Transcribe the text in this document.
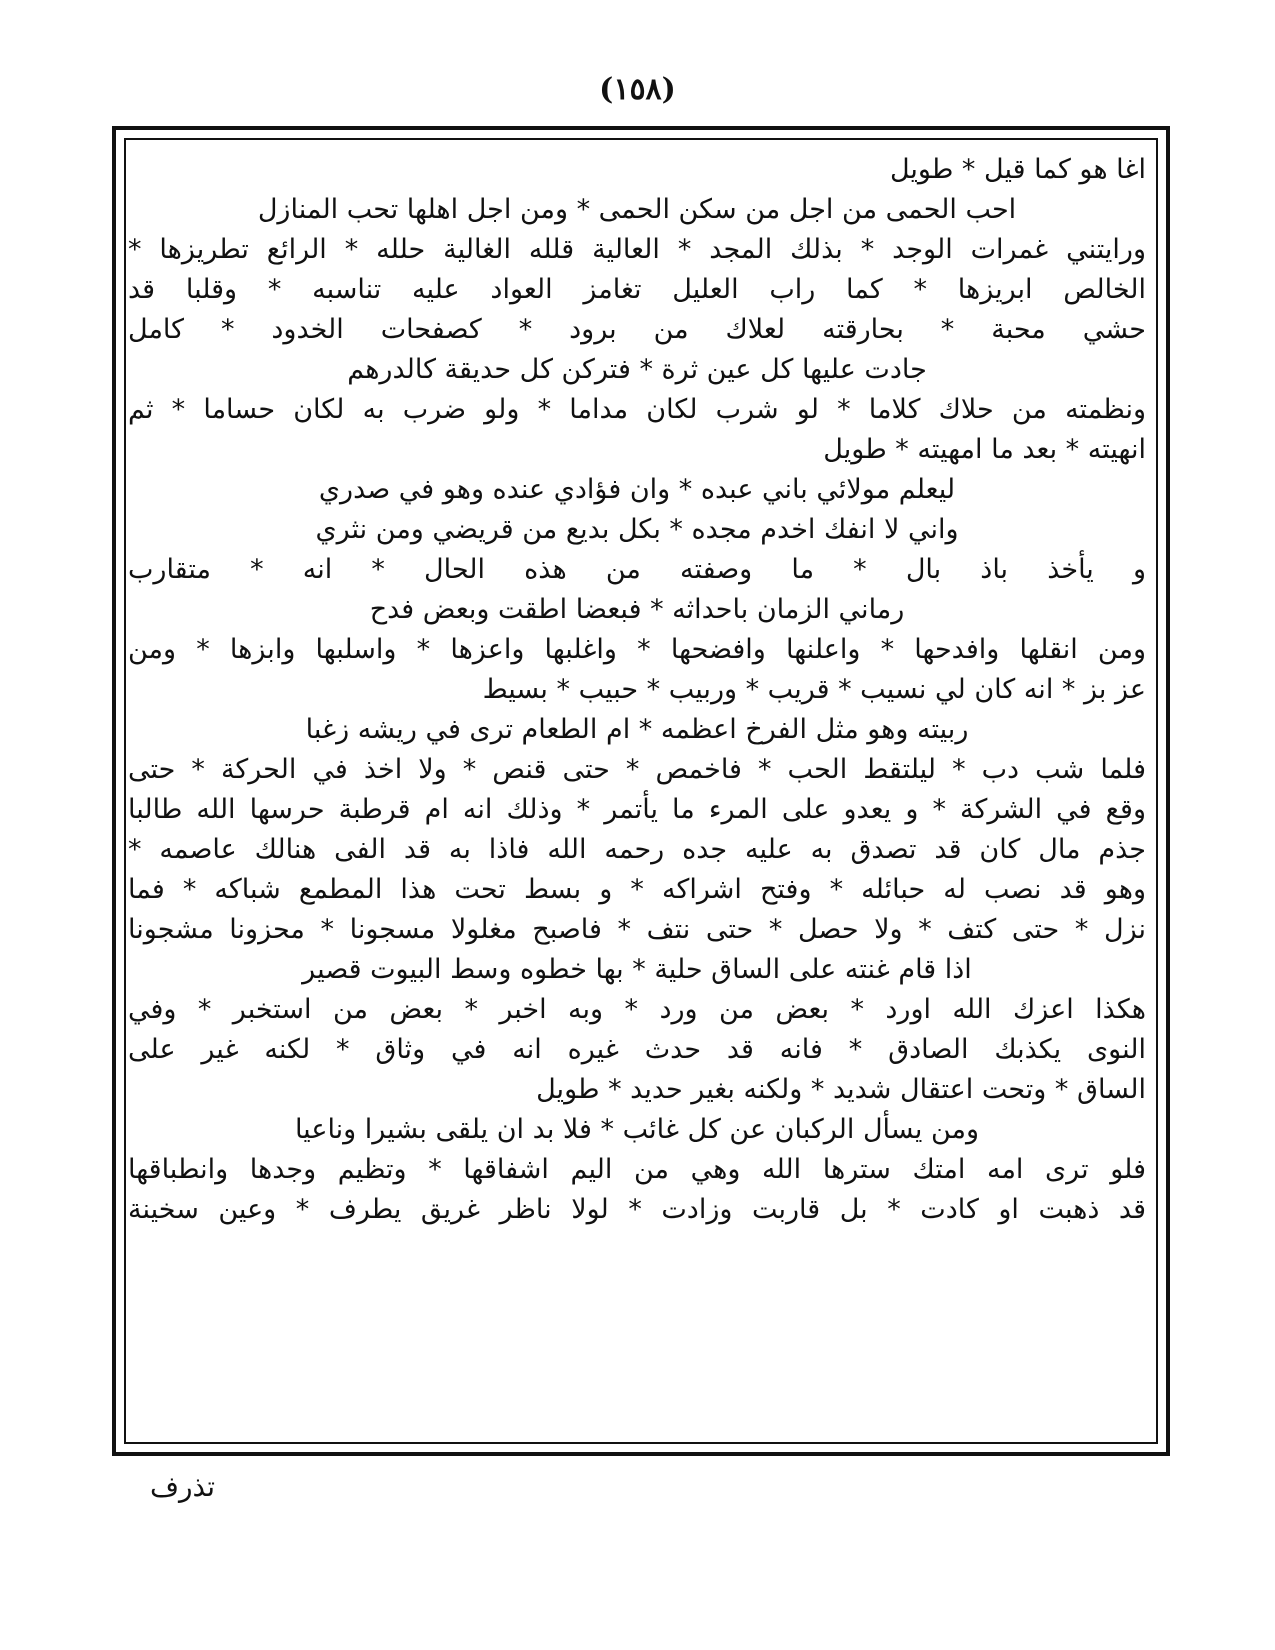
(١٥٨)
اغا هو كما قيل * طويل
احب الحمى من اجل من سكن الحمى * ومن اجل اهلها تحب المنازل
ورايتني غمرات الوجد * بذلك المجد * العالية قلله الغالية حلله * الرائع تطريزها *
الخالص ابريزها * كما راب العليل تغامز العواد عليه تناسبه * وقلبا قد
حشي محبة * بحارقته لعلاك من برود * كصفحات الخدود * كامل
جادت عليها كل عين ثرة * فتركن كل حديقة كالدرهم
ونظمته من حلاك كلاما * لو شرب لكان مداما * ولو ضرب به لكان حساما * ثم
انهيته * بعد ما امهيته * طويل
ليعلم مولائي باني عبده * وان فؤادي عنده وهو في صدري
واني لا انفك اخدم مجده * بكل بديع من قريضي ومن نثري
و يأخذ باذ بال * ما وصفته من هذه الحال * انه * متقارب
رماني الزمان باحداثه * فبعضا اطقت وبعض فدح
ومن انقلها وافدحها * واعلنها وافضحها * واغلبها واعزها * واسلبها وابزها * ومن
عز بز * انه كان لي نسيب * قريب * وربيب * حبيب * بسيط
ربيته وهو مثل الفرخ اعظمه * ام الطعام ترى في ريشه زغبا
فلما شب دب * ليلتقط الحب * فاخمص * حتى قنص * ولا اخذ في الحركة * حتى
وقع في الشركة * و يعدو على المرء ما يأتمر * وذلك انه ام قرطبة حرسها الله طالبا
جذم مال كان قد تصدق به عليه جده رحمه الله فاذا به قد الفى هنالك عاصمه *
وهو قد نصب له حبائله * وفتح اشراكه * و بسط تحت هذا المطمع شباكه * فما
نزل * حتى كتف * ولا حصل * حتى نتف * فاصبح مغلولا مسجونا * محزونا مشجونا
اذا قام غنته على الساق حلية * بها خطوه وسط البيوت قصير
هكذا اعزك الله اورد * بعض من ورد * وبه اخبر * بعض من استخبر * وفي
النوى يكذبك الصادق * فانه قد حدث غيره انه في وثاق * لكنه غير على
الساق * وتحت اعتقال شديد * ولكنه بغير حديد * طويل
ومن يسأل الركبان عن كل غائب * فلا بد ان يلقى بشيرا وناعيا
فلو ترى امه امتك سترها الله وهي من اليم اشفاقها * وتظيم وجدها وانطباقها
قد ذهبت او كادت * بل قاربت وزادت * لولا ناظر غريق يطرف * وعين سخينة
تذرف
